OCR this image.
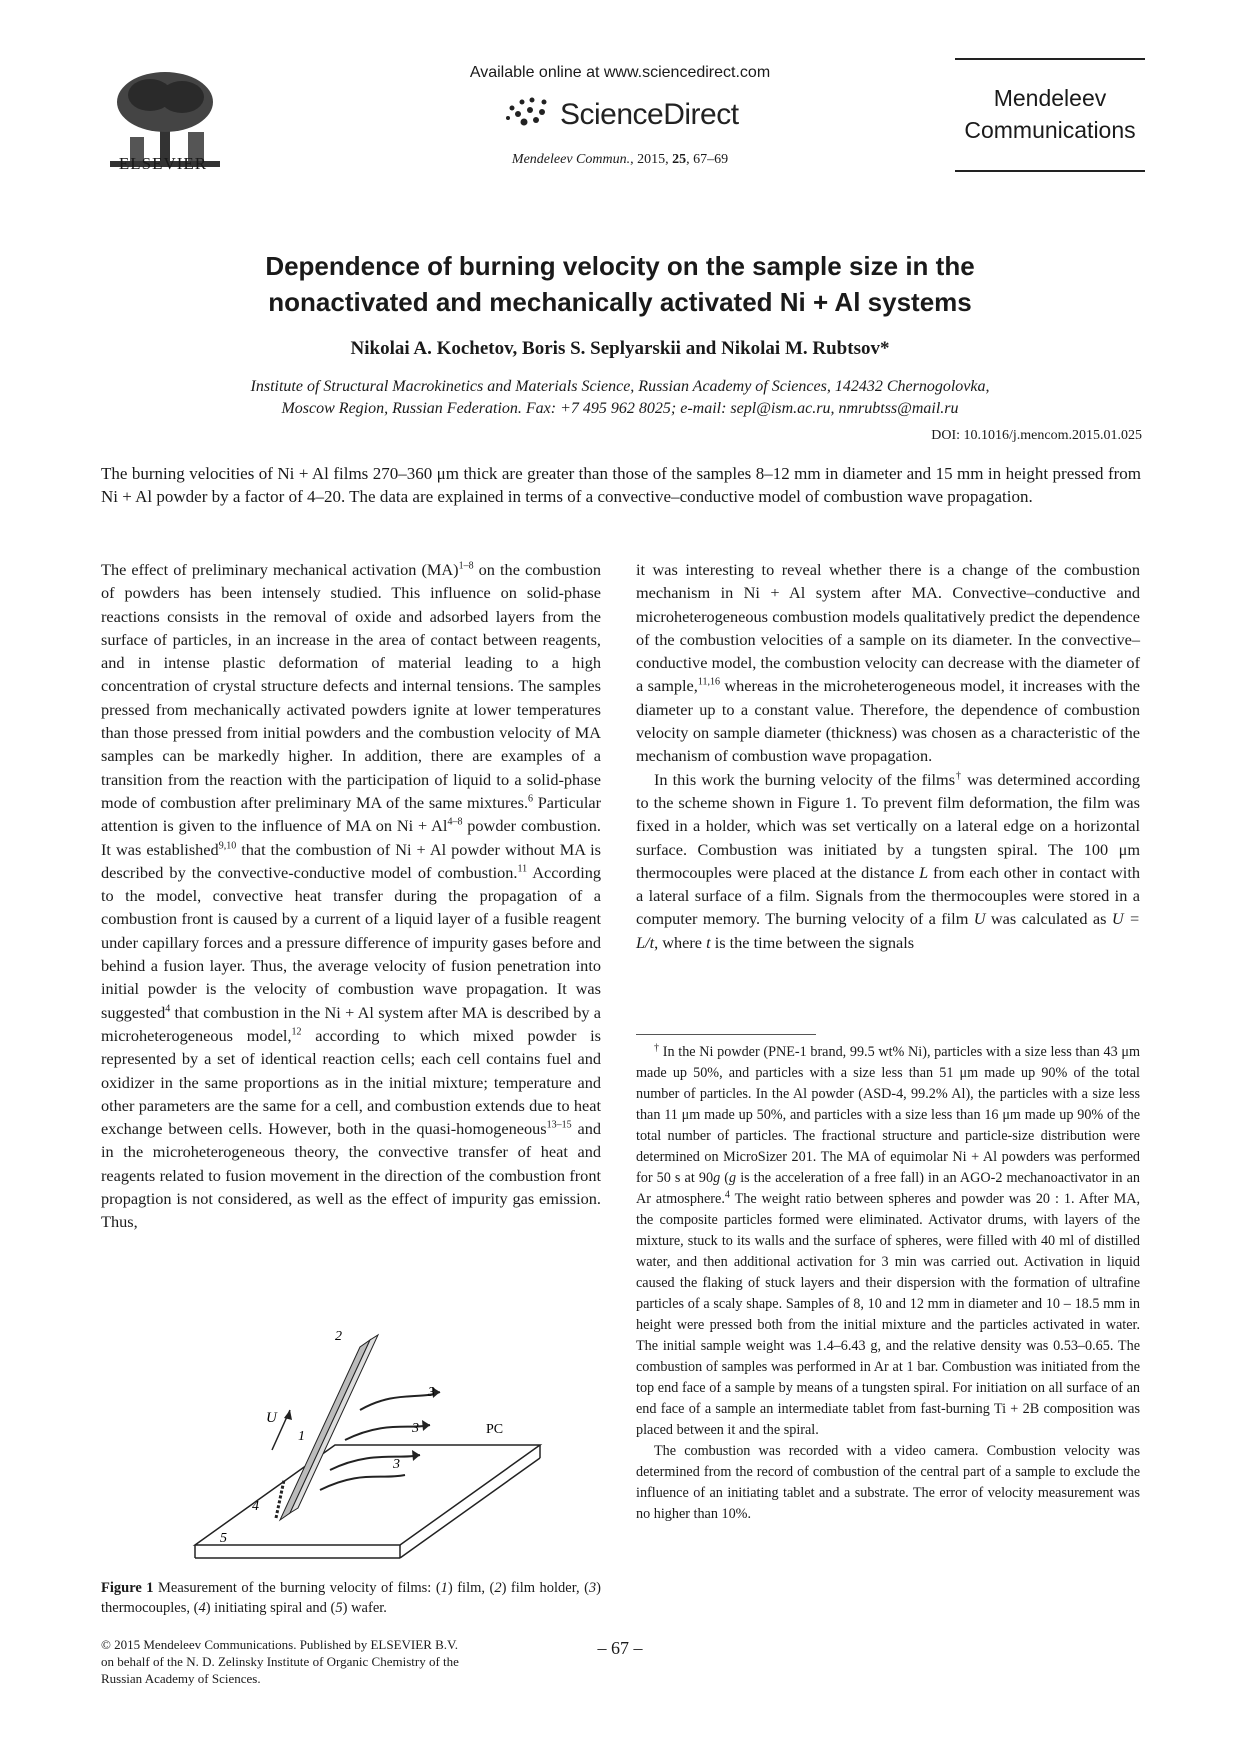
ELSEVIER
Available online at www.sciencedirect.com
ScienceDirect
Mendeleev Commun., 2015, 25, 67–69
Mendeleev
Communications
Dependence of burning velocity on the sample size in the
nonactivated and mechanically activated Ni + Al systems
Nikolai A. Kochetov, Boris S. Seplyarskii and Nikolai M. Rubtsov*
Institute of Structural Macrokinetics and Materials Science, Russian Academy of Sciences, 142432 Chernogolovka,
Moscow Region, Russian Federation. Fax: +7 495 962 8025; e-mail: sepl@ism.ac.ru, nmrubtss@mail.ru
DOI: 10.1016/j.mencom.2015.01.025
The burning velocities of Ni + Al films 270–360 μm thick are greater than those of the samples 8–12 mm in diameter and 15 mm in height pressed from Ni + Al powder by a factor of 4–20. The data are explained in terms of a convective–conductive model of combustion wave propagation.

The effect of preliminary mechanical activation (MA)$^{1-8}$ on the combustion of powders has been intensely studied. This influence on solid-phase reactions consists in the removal of oxide and adsorbed layers from the surface of particles, in an increase in the area of contact between reagents, and in intense plastic deformation of material leading to a high concentration of crystal structure defects and internal tensions. The samples pressed from mechanically activated powders ignite at lower temperatures than those pressed from initial powders and the combustion velocity of MA samples can be markedly higher. In addition, there are examples of a transition from the reaction with the participation of liquid to a solid-phase mode of combustion after preliminary MA of the same mixtures.$^6$ Particular attention is given to the influence of MA on $Ni + Al^{4-8}$ powder combustion. It was established$^{9,10}$ that the combustion of Ni + Al powder without MA is described by the convective-conductive model of combustion.$^{11}$ According to the model, convective heat transfer during the propagation of a combustion front is caused by a current of a liquid layer of a fusible reagent under capillary forces and a pressure difference of impurity gases before and behind a fusion layer. Thus, the average velocity of fusion penetration into initial powder is the velocity of combustion wave propagation. It was suggested$^4$ that combustion in the Ni + Al system after MA is described by a microheterogeneous model,$^{12}$ according to which mixed powder is represented by a set of identical reaction cells; each cell contains fuel and oxidizer in the same proportions as in the initial mixture; temperature and other parameters are the same for a cell, and combustion extends due to heat exchange between cells. However, both in the quasi-homogeneous$^{13-15}$ and in the microheterogeneous theory, the convective transfer of heat and reagents related to fusion movement in the direction of the combustion front propagtion is not considered, as well as the effect of impurity gas emission. Thus,

2
1
3
3
3
4
5
U
PC
Figure 1 Measurement of the burning velocity of films: (1) film, (2) film holder, (3) thermocouples, (4) initiating spiral and (5) wafer.

it was interesting to reveal whether there is a change of the combustion mechanism in Ni + Al system after MA. Convective–conductive and microheterogeneous combustion models qualitatively predict the dependence of the combustion velocities of a sample on its diameter. In the convective–conductive model, the combustion velocity can decrease with the diameter of a sample,$^{11,16}$ whereas in the microheterogeneous model, it increases with the diameter up to a constant value. Therefore, the dependence of combustion velocity on sample diameter (thickness) was chosen as a characteristic of the mechanism of combustion wave propagation.

In this work the burning velocity of the films† was determined according to the scheme shown in Figure 1. To prevent film deformation, the film was fixed in a holder, which was set vertically on a lateral edge on a horizontal surface. Combustion was initiated by a tungsten spiral. The 100 μm thermocouples were placed at the distance L from each other in contact with a lateral surface of a film. Signals from the thermocouples were stored in a computer memory. The burning velocity of a film U was calculated as U = L/t, where t is the time between the signals

† In the Ni powder (PNE-1 brand, 99.5 wt% Ni), particles with a size less than 43 μm made up 50%, and particles with a size less than 51 μm made up 90% of the total number of particles. In the Al powder (ASD-4, 99.2% Al), the particles with a size less than 11 μm made up 50%, and particles with a size less than 16 μm made up 90% of the total number of particles. The fractional structure and particle-size distribution were determined on MicroSizer 201. The MA of equimolar Ni + Al powders was performed for 50 s at 90g (g is the acceleration of a free fall) in an AGO-2 mechanoactivator in an Ar atmosphere.$^4$ The weight ratio between spheres and powder was 20 : 1. After MA, the composite particles formed were eliminated. Activator drums, with layers of the mixture, stuck to its walls and the surface of spheres, were filled with 40 ml of distilled water, and then additional activation for 3 min was carried out. Activation in liquid caused the flaking of stuck layers and their dispersion with the formation of ultrafine particles of a scaly shape. Samples of 8, 10 and 12 mm in diameter and 10 – 18.5 mm in height were pressed both from the initial mixture and the particles activated in water. The initial sample weight was 1.4–6.43 g, and the relative density was 0.53–0.65. The combustion of samples was performed in Ar at 1 bar. Combustion was initiated from the top end face of a sample by means of a tungsten spiral. For initiation on all surface of an end face of a sample an intermediate tablet from fast-burning Ti + 2B composition was placed between it and the spiral.

The combustion was recorded with a video camera. Combustion velocity was determined from the record of combustion of the central part of a sample to exclude the influence of an initiating tablet and a substrate. The error of velocity measurement was no higher than 10%.

© 2015 Mendeleev Communications. Published by ELSEVIER B.V.
on behalf of the N. D. Zelinsky Institute of Organic Chemistry of the
Russian Academy of Sciences.
– 67 –
